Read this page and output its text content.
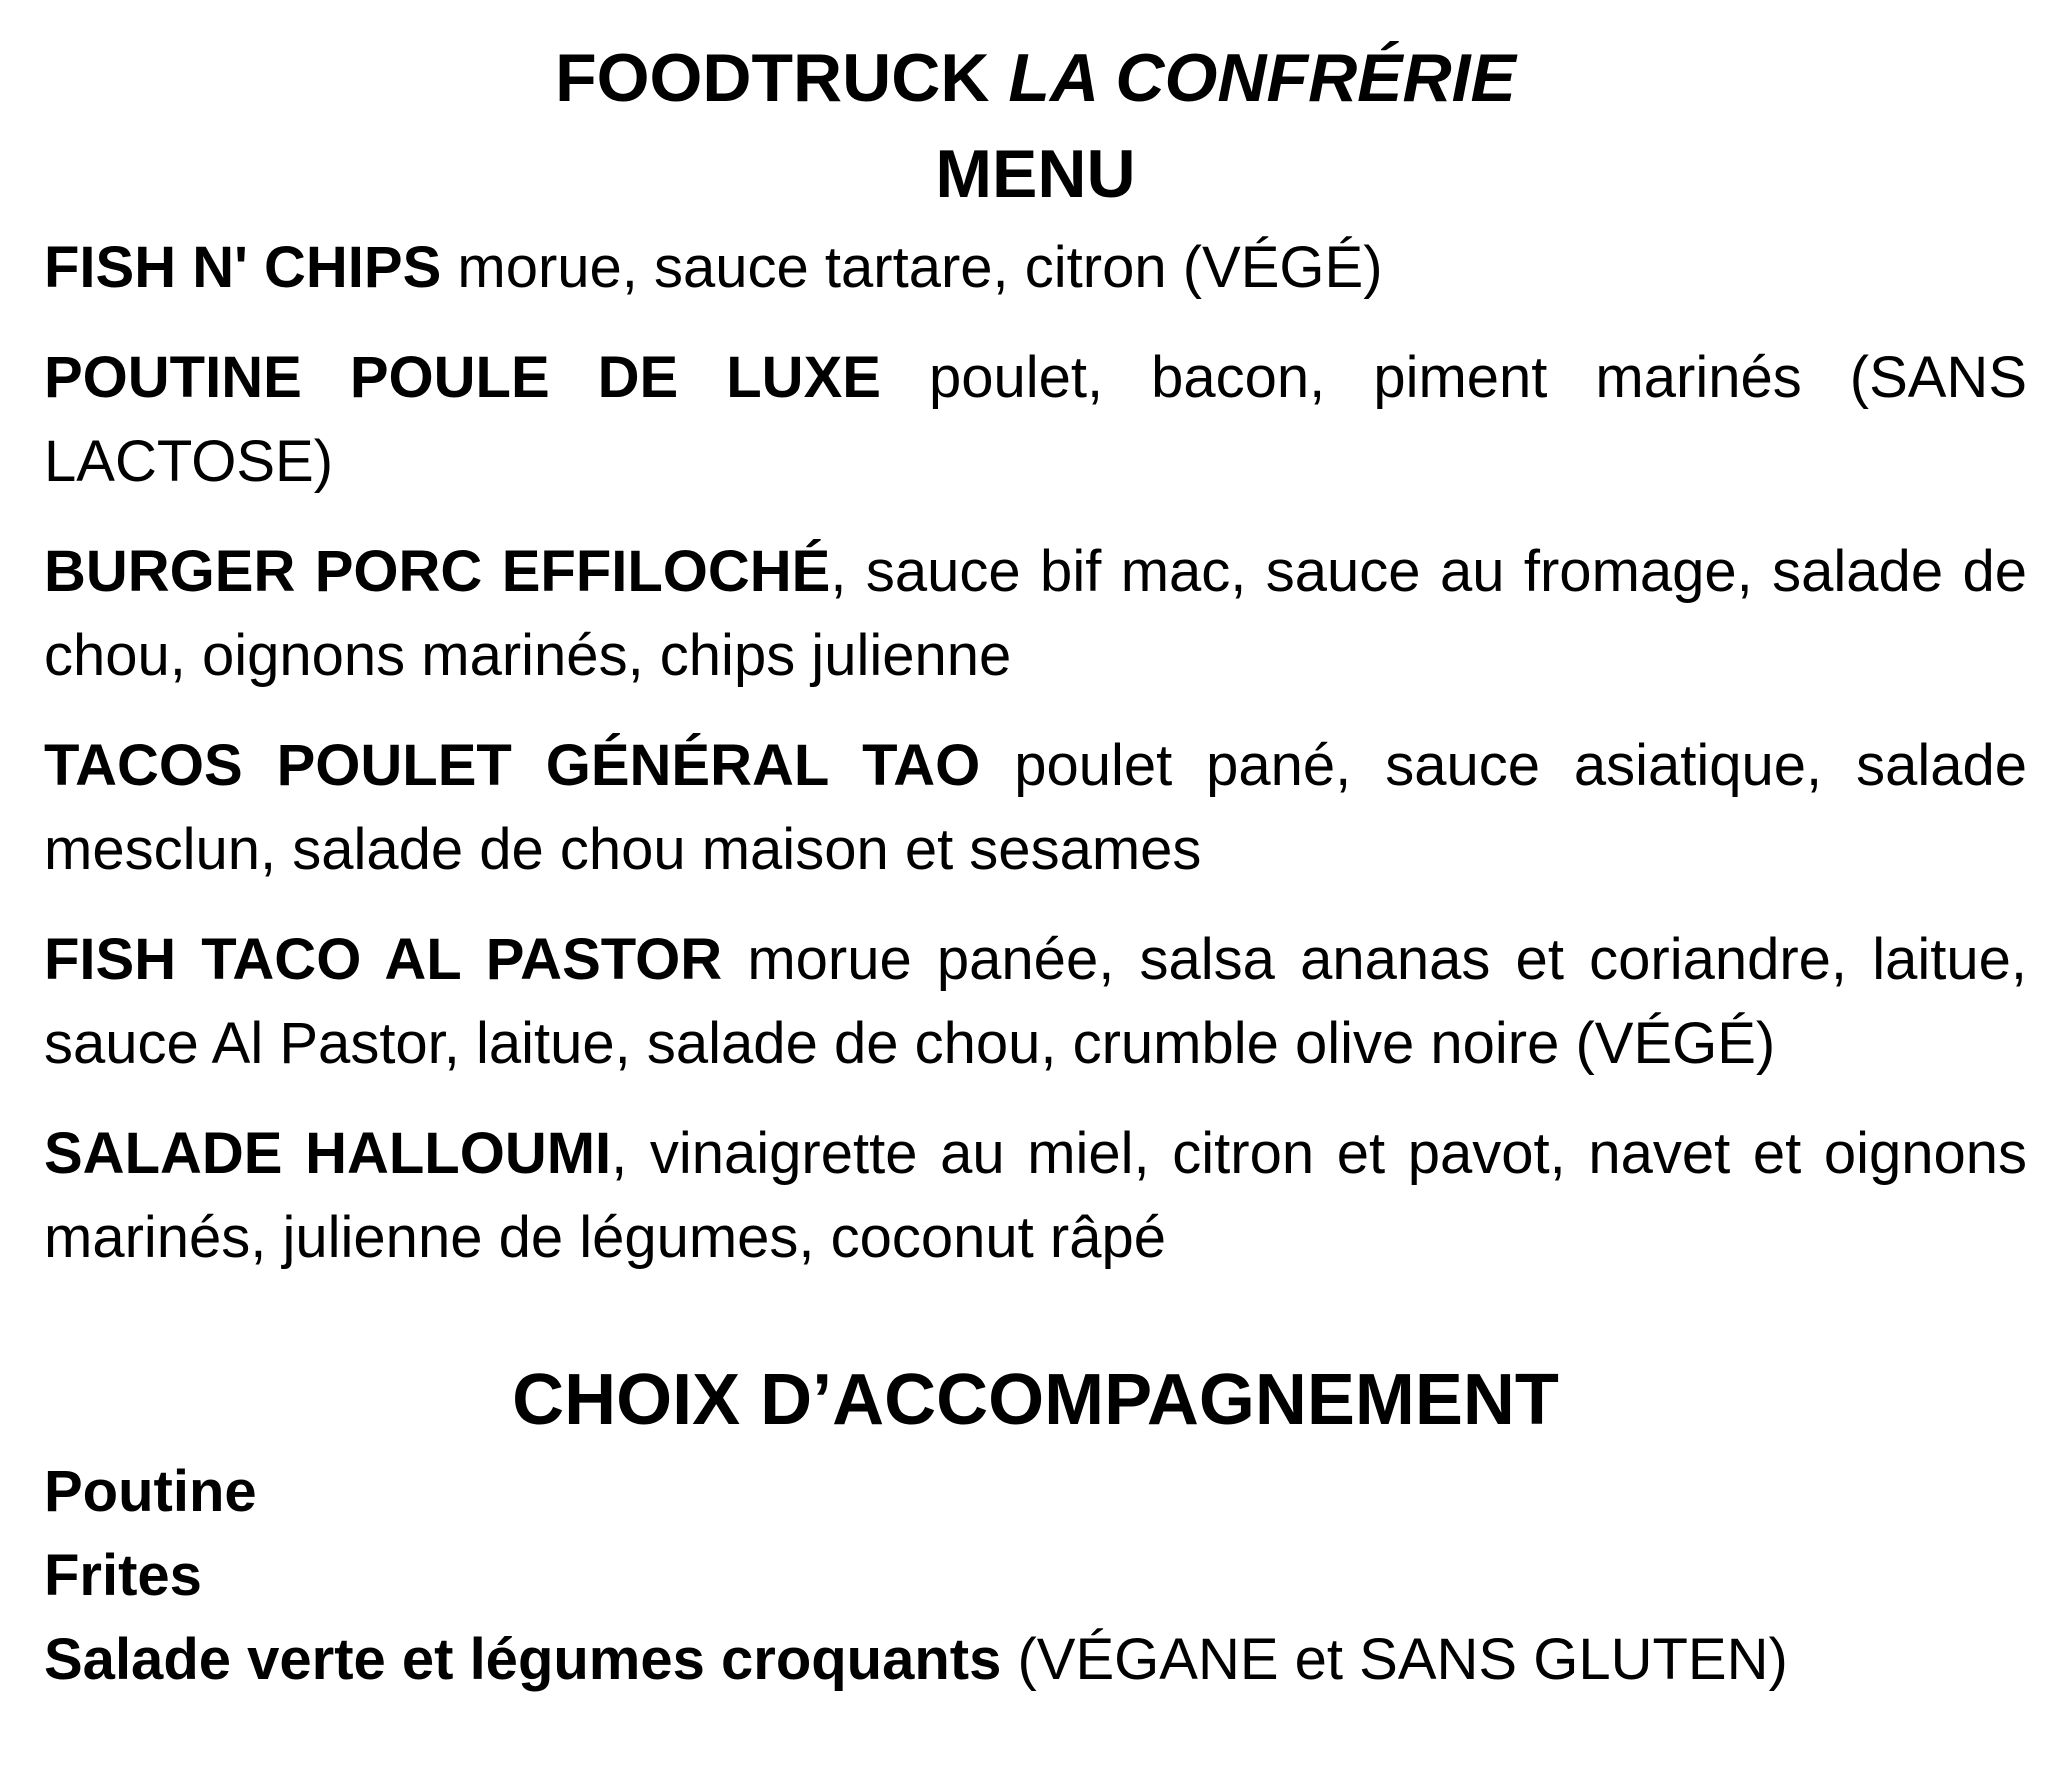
FOODTRUCK LA CONFRÉRIE
MENU

FISH N' CHIPS morue, sauce tartare, citron (VÉGÉ)

POUTINE POULE DE LUXE poulet, bacon, piment marinés (SANS LACTOSE)

BURGER PORC EFFILOCHÉ, sauce bif mac, sauce au fromage, salade de chou, oignons marinés, chips julienne

TACOS POULET GÉNÉRAL TAO poulet pané, sauce asiatique, salade mesclun, salade de chou maison et sesames

FISH TACO AL PASTOR morue panée, salsa ananas et coriandre, laitue, sauce Al Pastor, laitue, salade de chou, crumble olive noire (VÉGÉ)

SALADE HALLOUMI, vinaigrette au miel, citron et pavot, navet et oignons marinés, julienne de légumes, coconut râpé

CHOIX D’ACCOMPAGNEMENT

Poutine

Frites

Salade verte et légumes croquants (VÉGANE et SANS GLUTEN)
